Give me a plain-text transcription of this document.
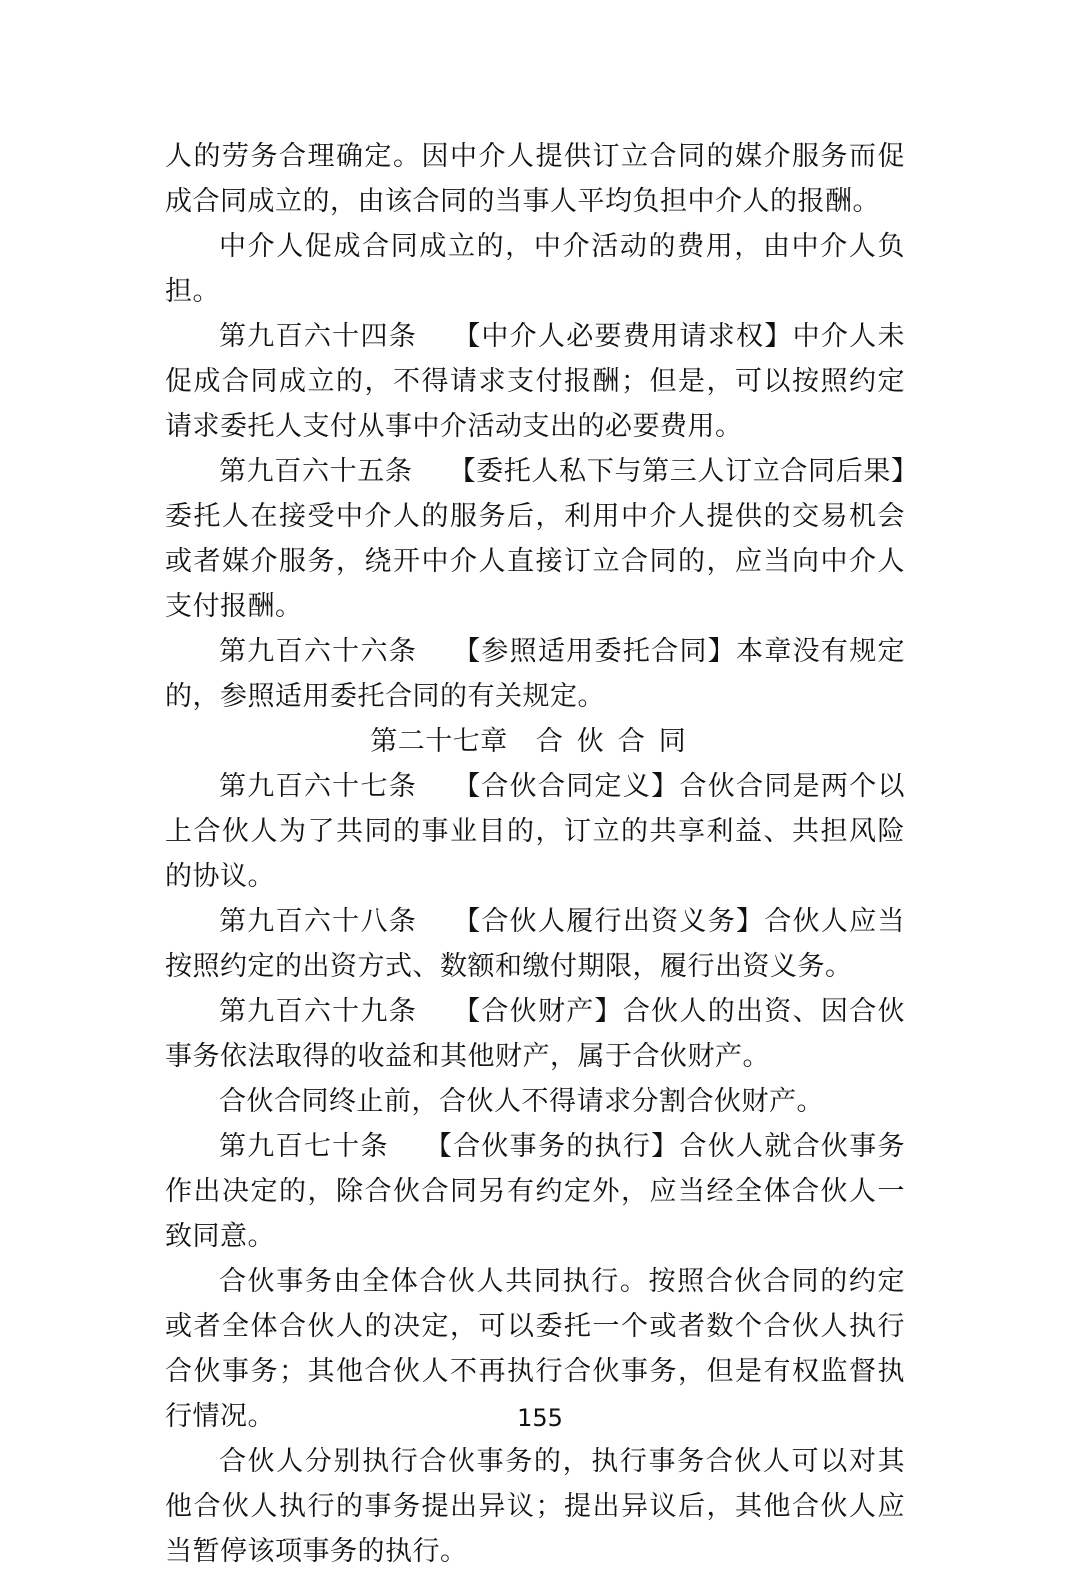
人的劳务合理确定。因中介人提供订立合同的媒介服务而促成合同成立的，由该合同的当事人平均负担中介人的报酬。

中介人促成合同成立的，中介活动的费用，由中介人负担。

第九百六十四条 【中介人必要费用请求权】中介人未促成合同成立的，不得请求支付报酬；但是，可以按照约定请求委托人支付从事中介活动支出的必要费用。

第九百六十五条 【委托人私下与第三人订立合同后果】委托人在接受中介人的服务后，利用中介人提供的交易机会或者媒介服务，绕开中介人直接订立合同的，应当向中介人支付报酬。

第九百六十六条 【参照适用委托合同】本章没有规定的，参照适用委托合同的有关规定。

第二十七章 合伙合同

第九百六十七条 【合伙合同定义】合伙合同是两个以上合伙人为了共同的事业目的，订立的共享利益、共担风险的协议。

第九百六十八条 【合伙人履行出资义务】合伙人应当按照约定的出资方式、数额和缴付期限，履行出资义务。

第九百六十九条 【合伙财产】合伙人的出资、因合伙事务依法取得的收益和其他财产，属于合伙财产。

合伙合同终止前，合伙人不得请求分割合伙财产。

第九百七十条 【合伙事务的执行】合伙人就合伙事务作出决定的，除合伙合同另有约定外，应当经全体合伙人一致同意。

合伙事务由全体合伙人共同执行。按照合伙合同的约定或者全体合伙人的决定，可以委托一个或者数个合伙人执行合伙事务；其他合伙人不再执行合伙事务，但是有权监督执行情况。

合伙人分别执行合伙事务的，执行事务合伙人可以对其他合伙人执行的事务提出异议；提出异议后，其他合伙人应当暂停该项事务的执行。

155
